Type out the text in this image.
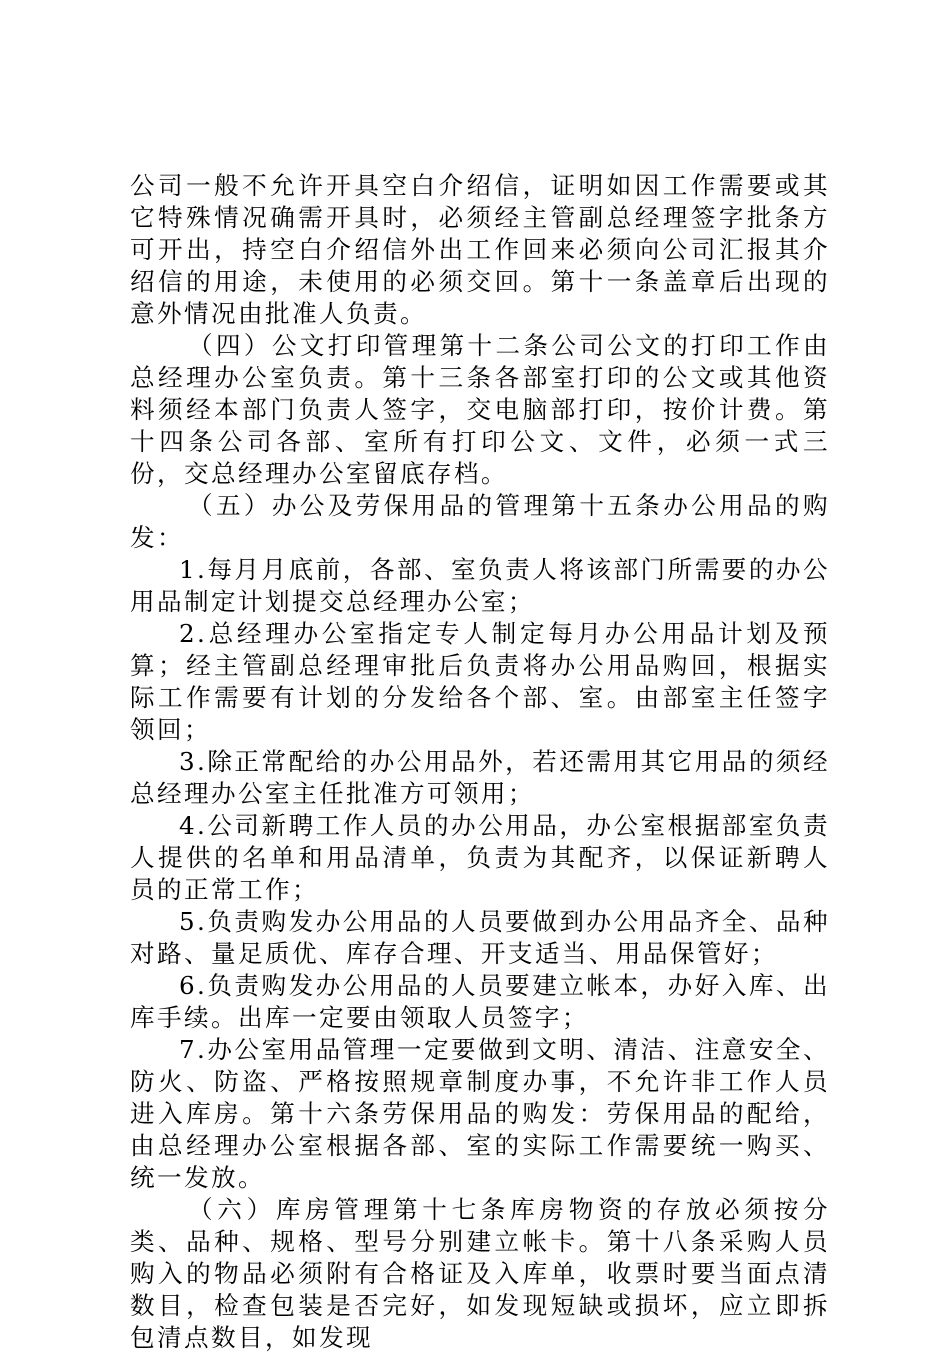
公司一般不允许开具空白介绍信，证明如因工作需要或其它特殊情况确需开具时，必须经主管副总经理签字批条方可开出，持空白介绍信外出工作回来必须向公司汇报其介绍信的用途，未使用的必须交回。第十一条盖章后出现的意外情况由批准人负责。

（四）公文打印管理第十二条公司公文的打印工作由总经理办公室负责。第十三条各部室打印的公文或其他资料须经本部门负责人签字，交电脑部打印，按价计费。第十四条公司各部、室所有打印公文、文件，必须一式三份，交总经理办公室留底存档。

（五）办公及劳保用品的管理第十五条办公用品的购发：

1.每月月底前，各部、室负责人将该部门所需要的办公用品制定计划提交总经理办公室；

2.总经理办公室指定专人制定每月办公用品计划及预算；经主管副总经理审批后负责将办公用品购回，根据实际工作需要有计划的分发给各个部、室。由部室主任签字领回；

3.除正常配给的办公用品外，若还需用其它用品的须经总经理办公室主任批准方可领用；

4.公司新聘工作人员的办公用品，办公室根据部室负责人提供的名单和用品清单，负责为其配齐，以保证新聘人员的正常工作；

5.负责购发办公用品的人员要做到办公用品齐全、品种对路、量足质优、库存合理、开支适当、用品保管好；

6.负责购发办公用品的人员要建立帐本，办好入库、出库手续。出库一定要由领取人员签字；

7.办公室用品管理一定要做到文明、清洁、注意安全、防火、防盗、严格按照规章制度办事，不允许非工作人员进入库房。第十六条劳保用品的购发：劳保用品的配给，由总经理办公室根据各部、室的实际工作需要统一购买、统一发放。

（六）库房管理第十七条库房物资的存放必须按分类、品种、规格、型号分别建立帐卡。第十八条采购人员购入的物品必须附有合格证及入库单，收票时要当面点清数目，检查包装是否完好，如发现短缺或损坏，应立即拆包清点数目，如发现
